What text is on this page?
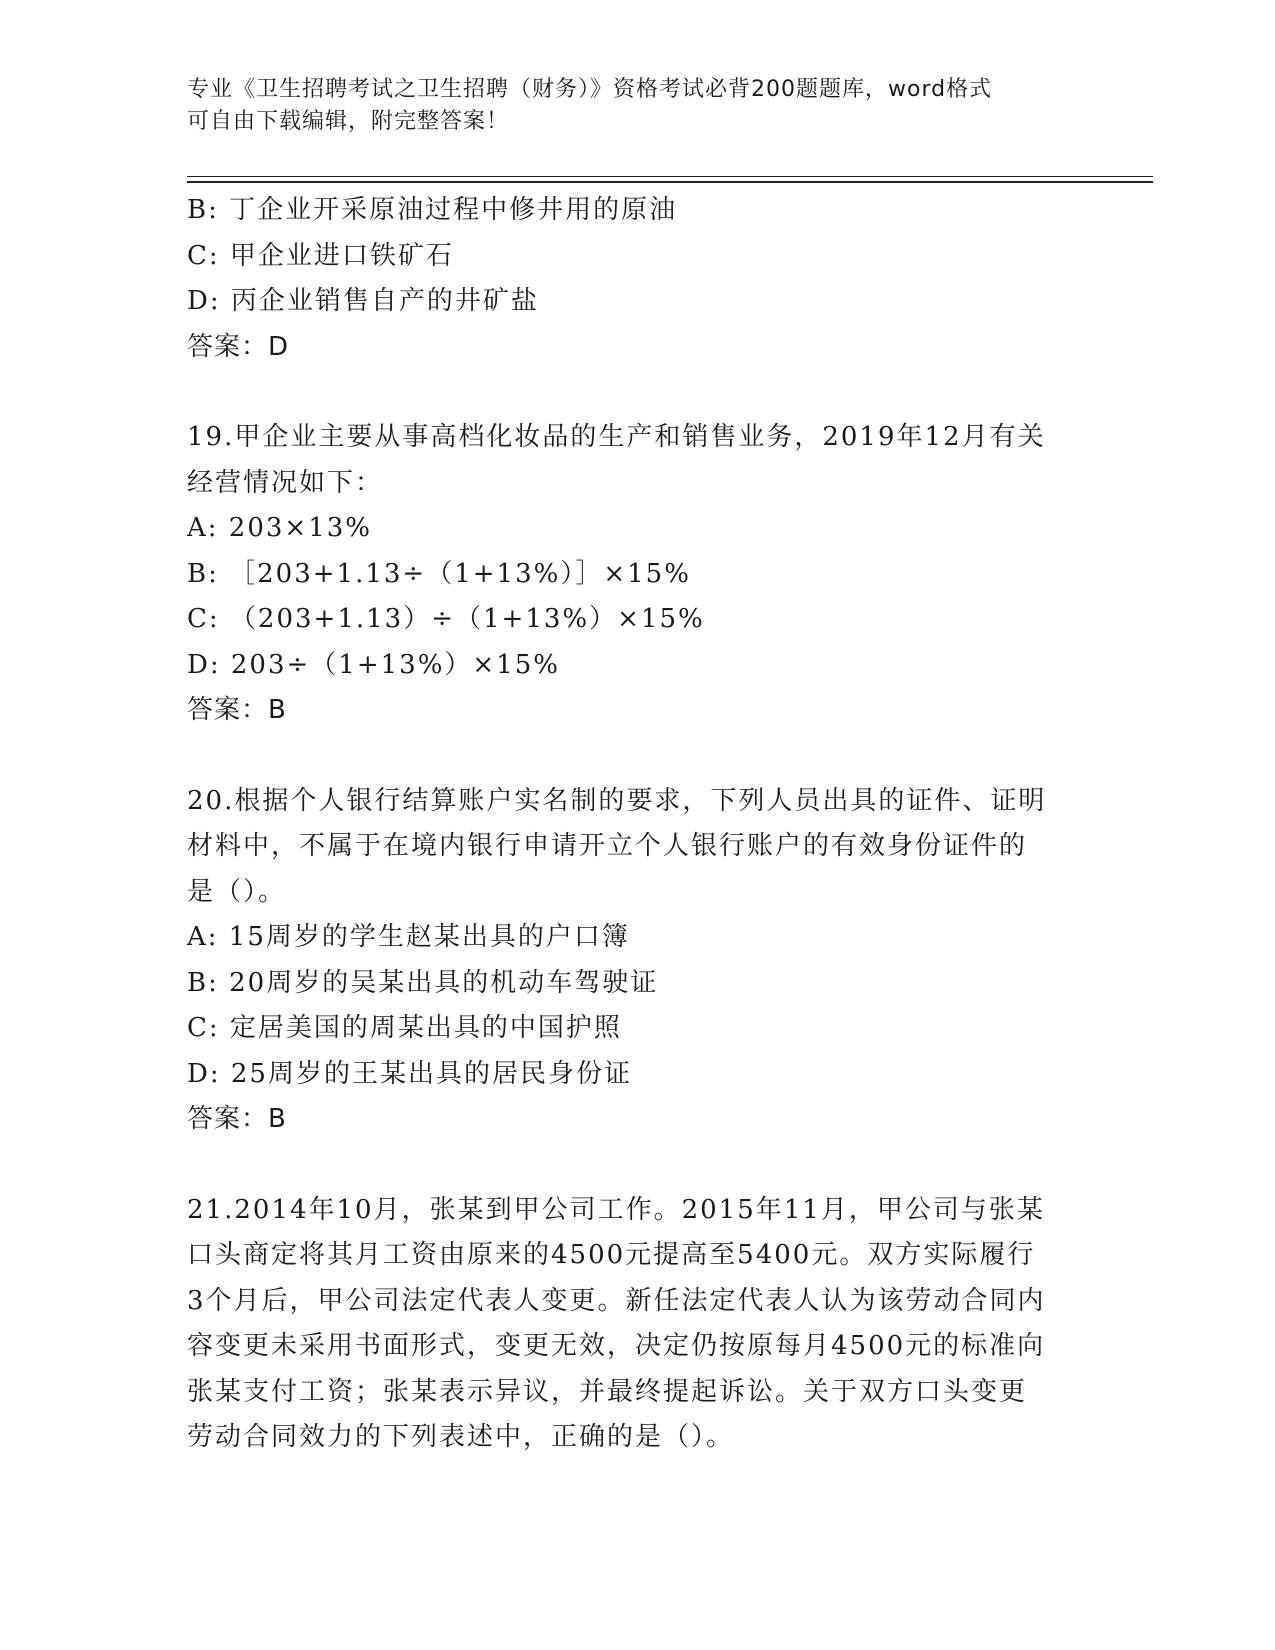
专业《卫生招聘考试之卫生招聘（财务）》资格考试必背200题题库，word格式
可自由下载编辑，附完整答案！
B: 丁企业开采原油过程中修井用的原油
C: 甲企业进口铁矿石
D: 丙企业销售自产的井矿盐
答案：D
19.甲企业主要从事高档化妆品的生产和销售业务，2019年12月有关
经营情况如下：
A: 203×13%
B: ［203+1.13÷（1+13%）］×15%
C: （203+1.13）÷（1+13%）×15%
D: 203÷（1+13%）×15%
答案：B
20.根据个人银行结算账户实名制的要求，下列人员出具的证件、证明
材料中，不属于在境内银行申请开立个人银行账户的有效身份证件的
是（）。
A: 15周岁的学生赵某出具的户口簿
B: 20周岁的吴某出具的机动车驾驶证
C: 定居美国的周某出具的中国护照
D: 25周岁的王某出具的居民身份证
答案：B
21.2014年10月，张某到甲公司工作。2015年11月，甲公司与张某
口头商定将其月工资由原来的4500元提高至5400元。双方实际履行
3个月后，甲公司法定代表人变更。新任法定代表人认为该劳动合同内
容变更未采用书面形式，变更无效，决定仍按原每月4500元的标准向
张某支付工资；张某表示异议，并最终提起诉讼。关于双方口头变更
劳动合同效力的下列表述中，正确的是（）。
